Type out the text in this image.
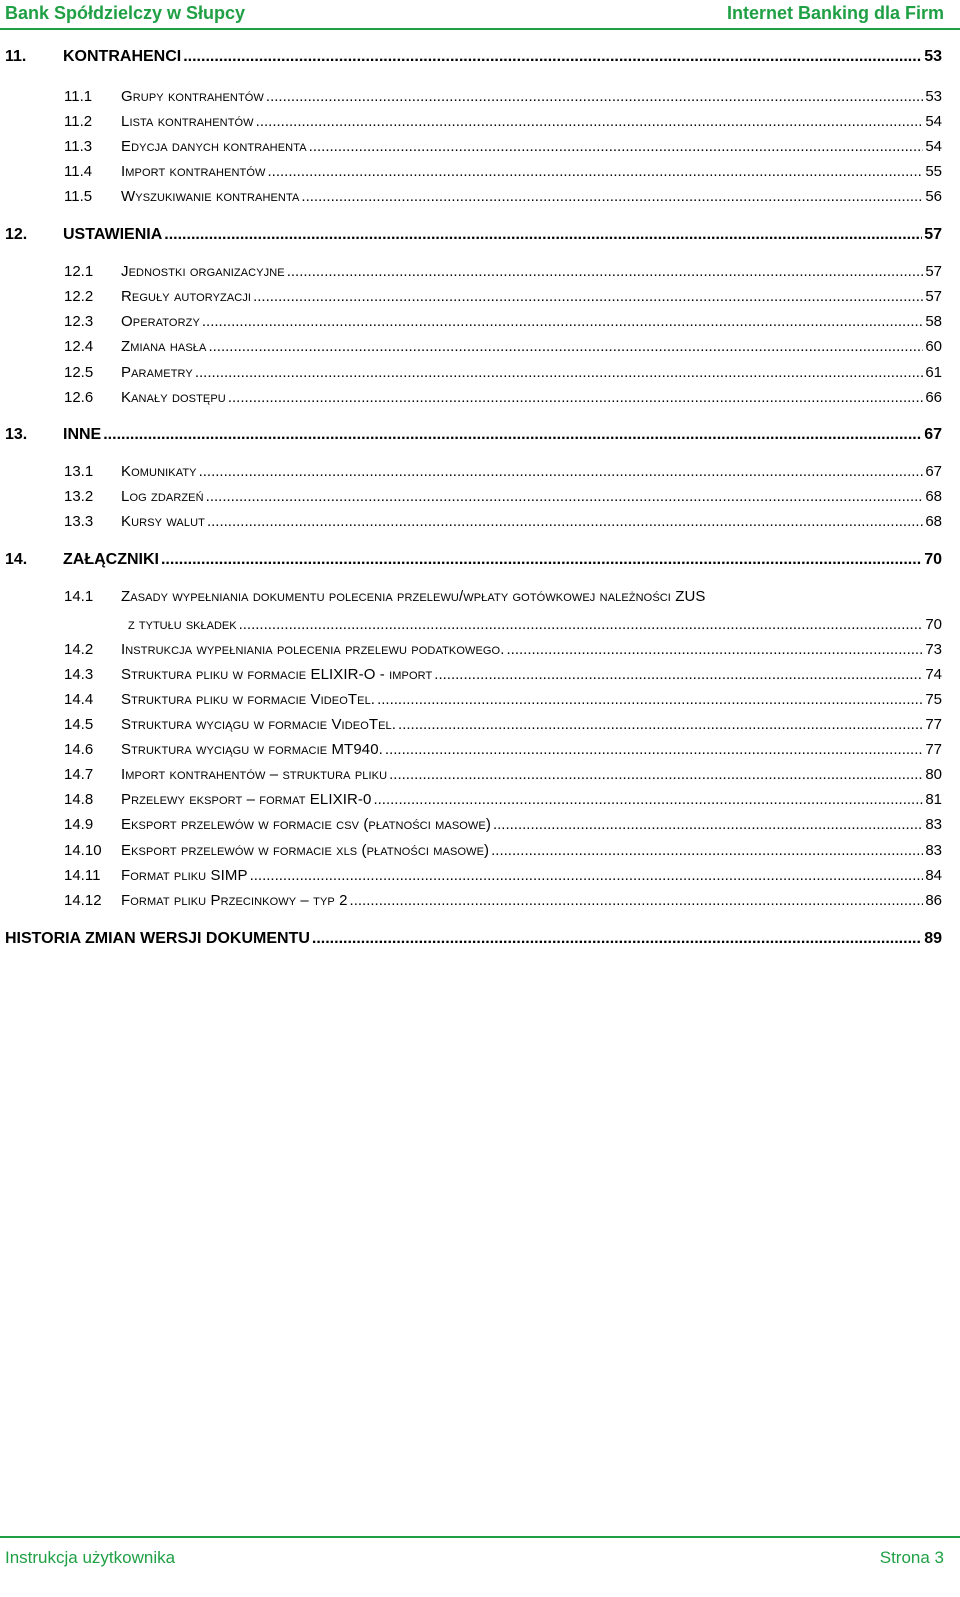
Bank Spółdzielczy w Słupcy	Internet Banking dla Firm
11.	KONTRAHENCI .....	53
11.1	Grupy kontrahentów .....	53
11.2	Lista kontrahentów .....	54
11.3	Edycja danych kontrahenta .....	54
11.4	Import kontrahentów .....	55
11.5	Wyszukiwanie kontrahenta .....	56
12.	USTAWIENIA .....	57
12.1	Jednostki organizacyjne .....	57
12.2	Reguły autoryzacji .....	57
12.3	Operatorzy .....	58
12.4	Zmiana hasła .....	60
12.5	Parametry .....	61
12.6	Kanały dostępu .....	66
13.	INNE .....	67
13.1	Komunikaty .....	67
13.2	Log zdarzeń .....	68
13.3	Kursy walut .....	68
14.	ZAŁĄCZNIKI .....	70
14.1	Zasady wypełniania dokumentu polecenia przelewu/wpłaty gotówkowej należności ZUS
z tytułu składek .....	70
14.2	Instrukcja wypełniania polecenia przelewu podatkowego. .....	73
14.3	Struktura pliku w formacie ELIXIR-O - import .....	74
14.4	Struktura pliku w formacie VideoTel. .....	75
14.5	Struktura wyciągu w formacie VideoTel. .....	77
14.6	Struktura wyciągu w formacie MT940. .....	77
14.7	Import kontrahentów – struktura pliku .....	80
14.8	Przelewy eksport – format ELIXIR-0 .....	81
14.9	Eksport przelewów w formacie csv (płatności masowe) .....	83
14.10	Eksport przelewów w formacie xls (płatności masowe) .....	83
14.11	Format pliku SIMP .....	84
14.12	Format pliku Przecinkowy – typ 2 .....	86
HISTORIA ZMIAN WERSJI DOKUMENTU .....	89
Instrukcja użytkownika	Strona 3
